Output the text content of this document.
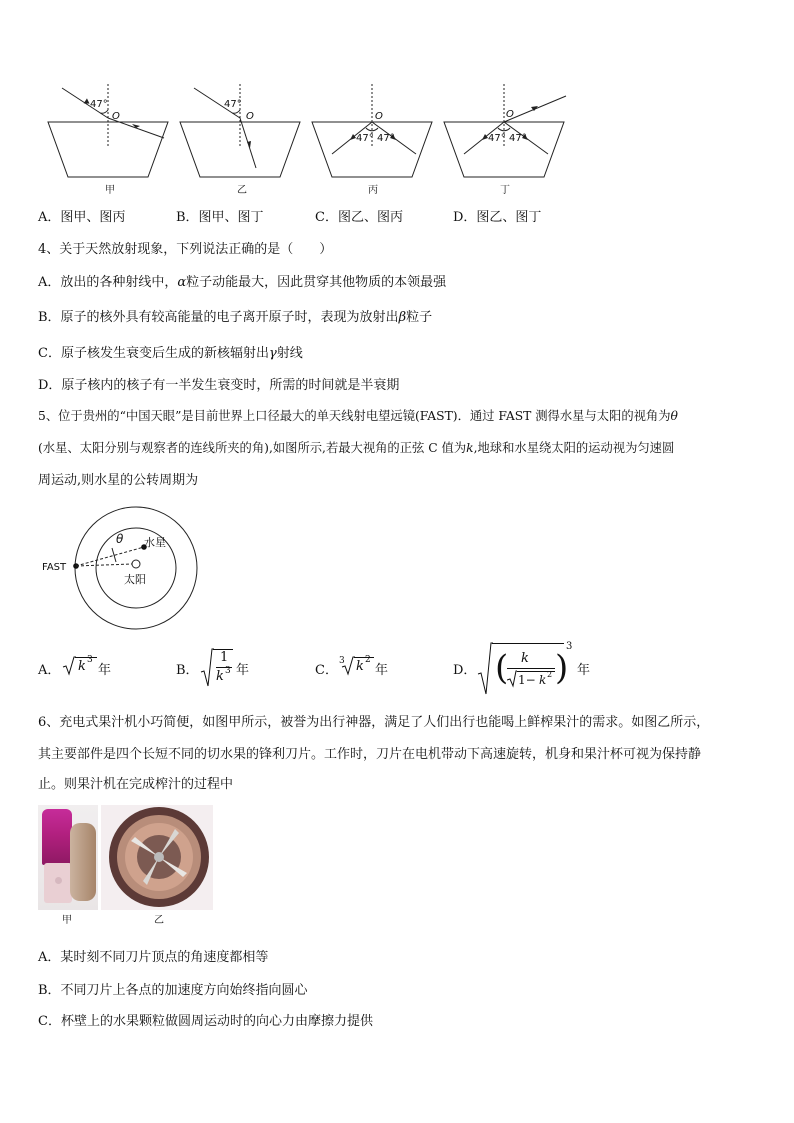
47°
O
47°
O	O
47° 47°
O
47° 47°
甲	乙	丙	丁
A．图甲、图丙	B．图甲、图丁	C．图乙、图丙	D．图乙、图丁
4、关于天然放射现象，下列说法正确的是（　　）
A．放出的各种射线中，α粒子动能最大，因此贯穿其他物质的本领最强
B．原子的核外具有较高能量的电子离开原子时，表现为放射出β粒子
C．原子核发生衰变后生成的新核辐射出γ射线
D．原子核内的核子有一半发生衰变时，所需的时间就是半衰期
5、位于贵州的“中国天眼”是目前世界上口径最大的单天线射电望远镜(FAST)．通过 FAST 测得水星与太阳的视角为θ
(水星、太阳分别与观察者的连线所夹的角),如图所示,若最大视角的正弦 C 值为k,地球和水星绕太阳的运动视为匀速圆
周运动,则水星的公转周期为
FAST
θ 水星
太阳
A． k 3
年	B．
1
k 3 年	C．
3 k 2
年	D． ( k
1− k 2 )
3
年
6、充电式果汁机小巧简便，如图甲所示，被誉为出行神器，满足了人们出行也能喝上鲜榨果汁的需求。如图乙所示，
其主要部件是四个长短不同的切水果的锋利刀片。工作时，刀片在电机带动下高速旋转，机身和果汁杯可视为保持静
止。则果汁机在完成榨汁的过程中
甲	乙
A．某时刻不同刀片顶点的角速度都相等
B．不同刀片上各点的加速度方向始终指向圆心
C．杯壁上的水果颗粒做圆周运动时的向心力由摩擦力提供
